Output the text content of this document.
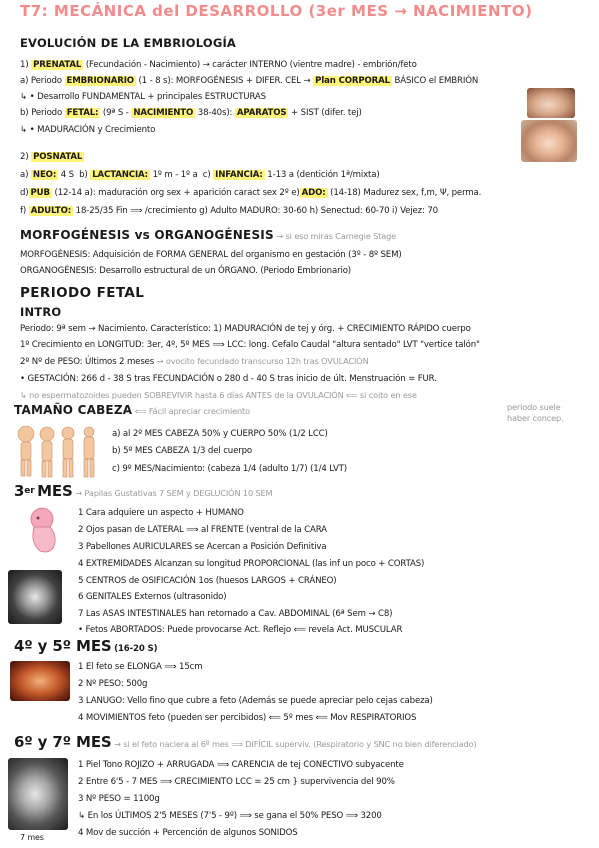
T7: MECÁNICA del DESARROLLO (3er MES → NACIMIENTO)
EVOLUCIÓN DE LA EMBRIOLOGÍA
1) PRENATAL (Fecundación - Nacimiento) → carácter INTERNO (vientre madre) - embrión/feto
a) Periodo EMBRIONARIO (1 - 8 s): MORFOGÉNESIS + DIFER. CEL → Plan CORPORAL BÁSICO el EMBRIÓN
↳ • Desarrollo FUNDAMENTAL + principales ESTRUCTURAS
b) Periodo FETAL: (9ª S - NACIMIENTO 38-40s): APARATOS + SIST (difer. tej)
↳ • MADURACIÓN y Crecimiento
2) POSNATAL
a) NEO: 4 S b) LACTANCIA: 1º m - 1º a c) INFANCIA: 1-13 a (dentición 1ª/mixta)
d) PUB (12-14 a): maduración org sex + aparición caract sex 2º e) ADO: (14-18) Madurez sex, f,m, Ψ, perma.
f) ADULTO: 18-25/35 Fin ⟹ /crecimiento g) Adulto MADURO: 30-60 h) Senectud: 60-70 i) Vejez: 70
MORFOGÉNESIS vs ORGANOGÉNESIS → si eso miras Carnegie Stage
MORFOGÉNESIS: Adquisición de FORMA GENERAL del organismo en gestación (3º - 8º SEM)
ORGANOGÉNESIS: Desarrollo estructural de un ÓRGANO. (Periodo Embrionario)
PERIODO FETAL
INTRO
Periodo: 9ª sem → Nacimiento. Característico: 1) MADURACIÓN de tej y órg. + CRECIMIENTO RÁPIDO cuerpo
1º Crecimiento en LONGITUD: 3er, 4º, 5º MES ⟹ LCC: long. Cefalo Caudal "altura sentado" LVT "vertice talón"
2º Nº de PESO: Últimos 2 meses → ovocito fecundado transcurso 12h tras OVULACIÓN
• GESTACIÓN: 266 d - 38 S tras FECUNDACIÓN o 280 d - 40 S tras inicio de últ. Menstruación = FUR.
↳ no espermatozoides pueden SOBREVIVIR hasta 6 días ANTES de la OVULACIÓN ⟸ si coito en ese
periodo suele
haber concep.
TAMAÑO CABEZA ⟸ Fácil apreciar crecimiento
a) al 2º MES CABEZA 50% y CUERPO 50% (1/2 LCC)
b) 5º MES CABEZA 1/3 del cuerpo
c) 9º MES/Nacimiento: (cabeza 1/4 (adulto 1/7) (1/4 LVT)
3er MES → Papilas Gustativas 7 SEM y DEGLUCIÓN 10 SEM
1 Cara adquiere un aspecto + HUMANO
2 Ojos pasan de LATERAL ⟹ al FRENTE (ventral de la CARA
3 Pabellones AURICULARES se Acercan a Posición Definitiva
4 EXTREMIDADES Alcanzan su longitud PROPORCIONAL (las inf un poco + CORTAS)
5 CENTROS de OSIFICACIÓN 1os (huesos LARGOS + CRÁNEO)
6 GENITALES Externos (ultrasonido)
7 Las ASAS INTESTINALES han retornado a Cav. ABDOMINAL (6ª Sem → C8)
• Fetos ABORTADOS: Puede provocarse Act. Reflejo ⟸ revela Act. MUSCULAR
4º y 5º MES (16-20 S)
1 El feto se ELONGA ⟹ 15cm
2 Nº PESO: 500g
3 LANUGO: Vello fino que cubre a feto (Además se puede apreciar pelo cejas cabeza)
4 MOVIMIENTOS feto (pueden ser percibidos) ⟸ 5º mes ⟸ Mov RESPIRATORIOS
6º y 7º MES → si el feto naciera al 6º mes ⟹ DIFÍCIL superviv. (Respiratorio y SNC no bien diferenciado)
7 mes
1 Piel Tono ROJIZO + ARRUGADA ⟹ CARENCIA de tej CONECTIVO subyacente
2 Entre 6'5 - 7 MES ⟹ CRECIMIENTO LCC = 25 cm } supervivencia del 90%
3 Nº PESO = 1100g
↳ En los ÚLTIMOS 2'5 MESES (7'5 - 9º) ⟹ se gana el 50% PESO ⟹ 3200
4 Mov de succión + Percención de algunos SONIDOS
